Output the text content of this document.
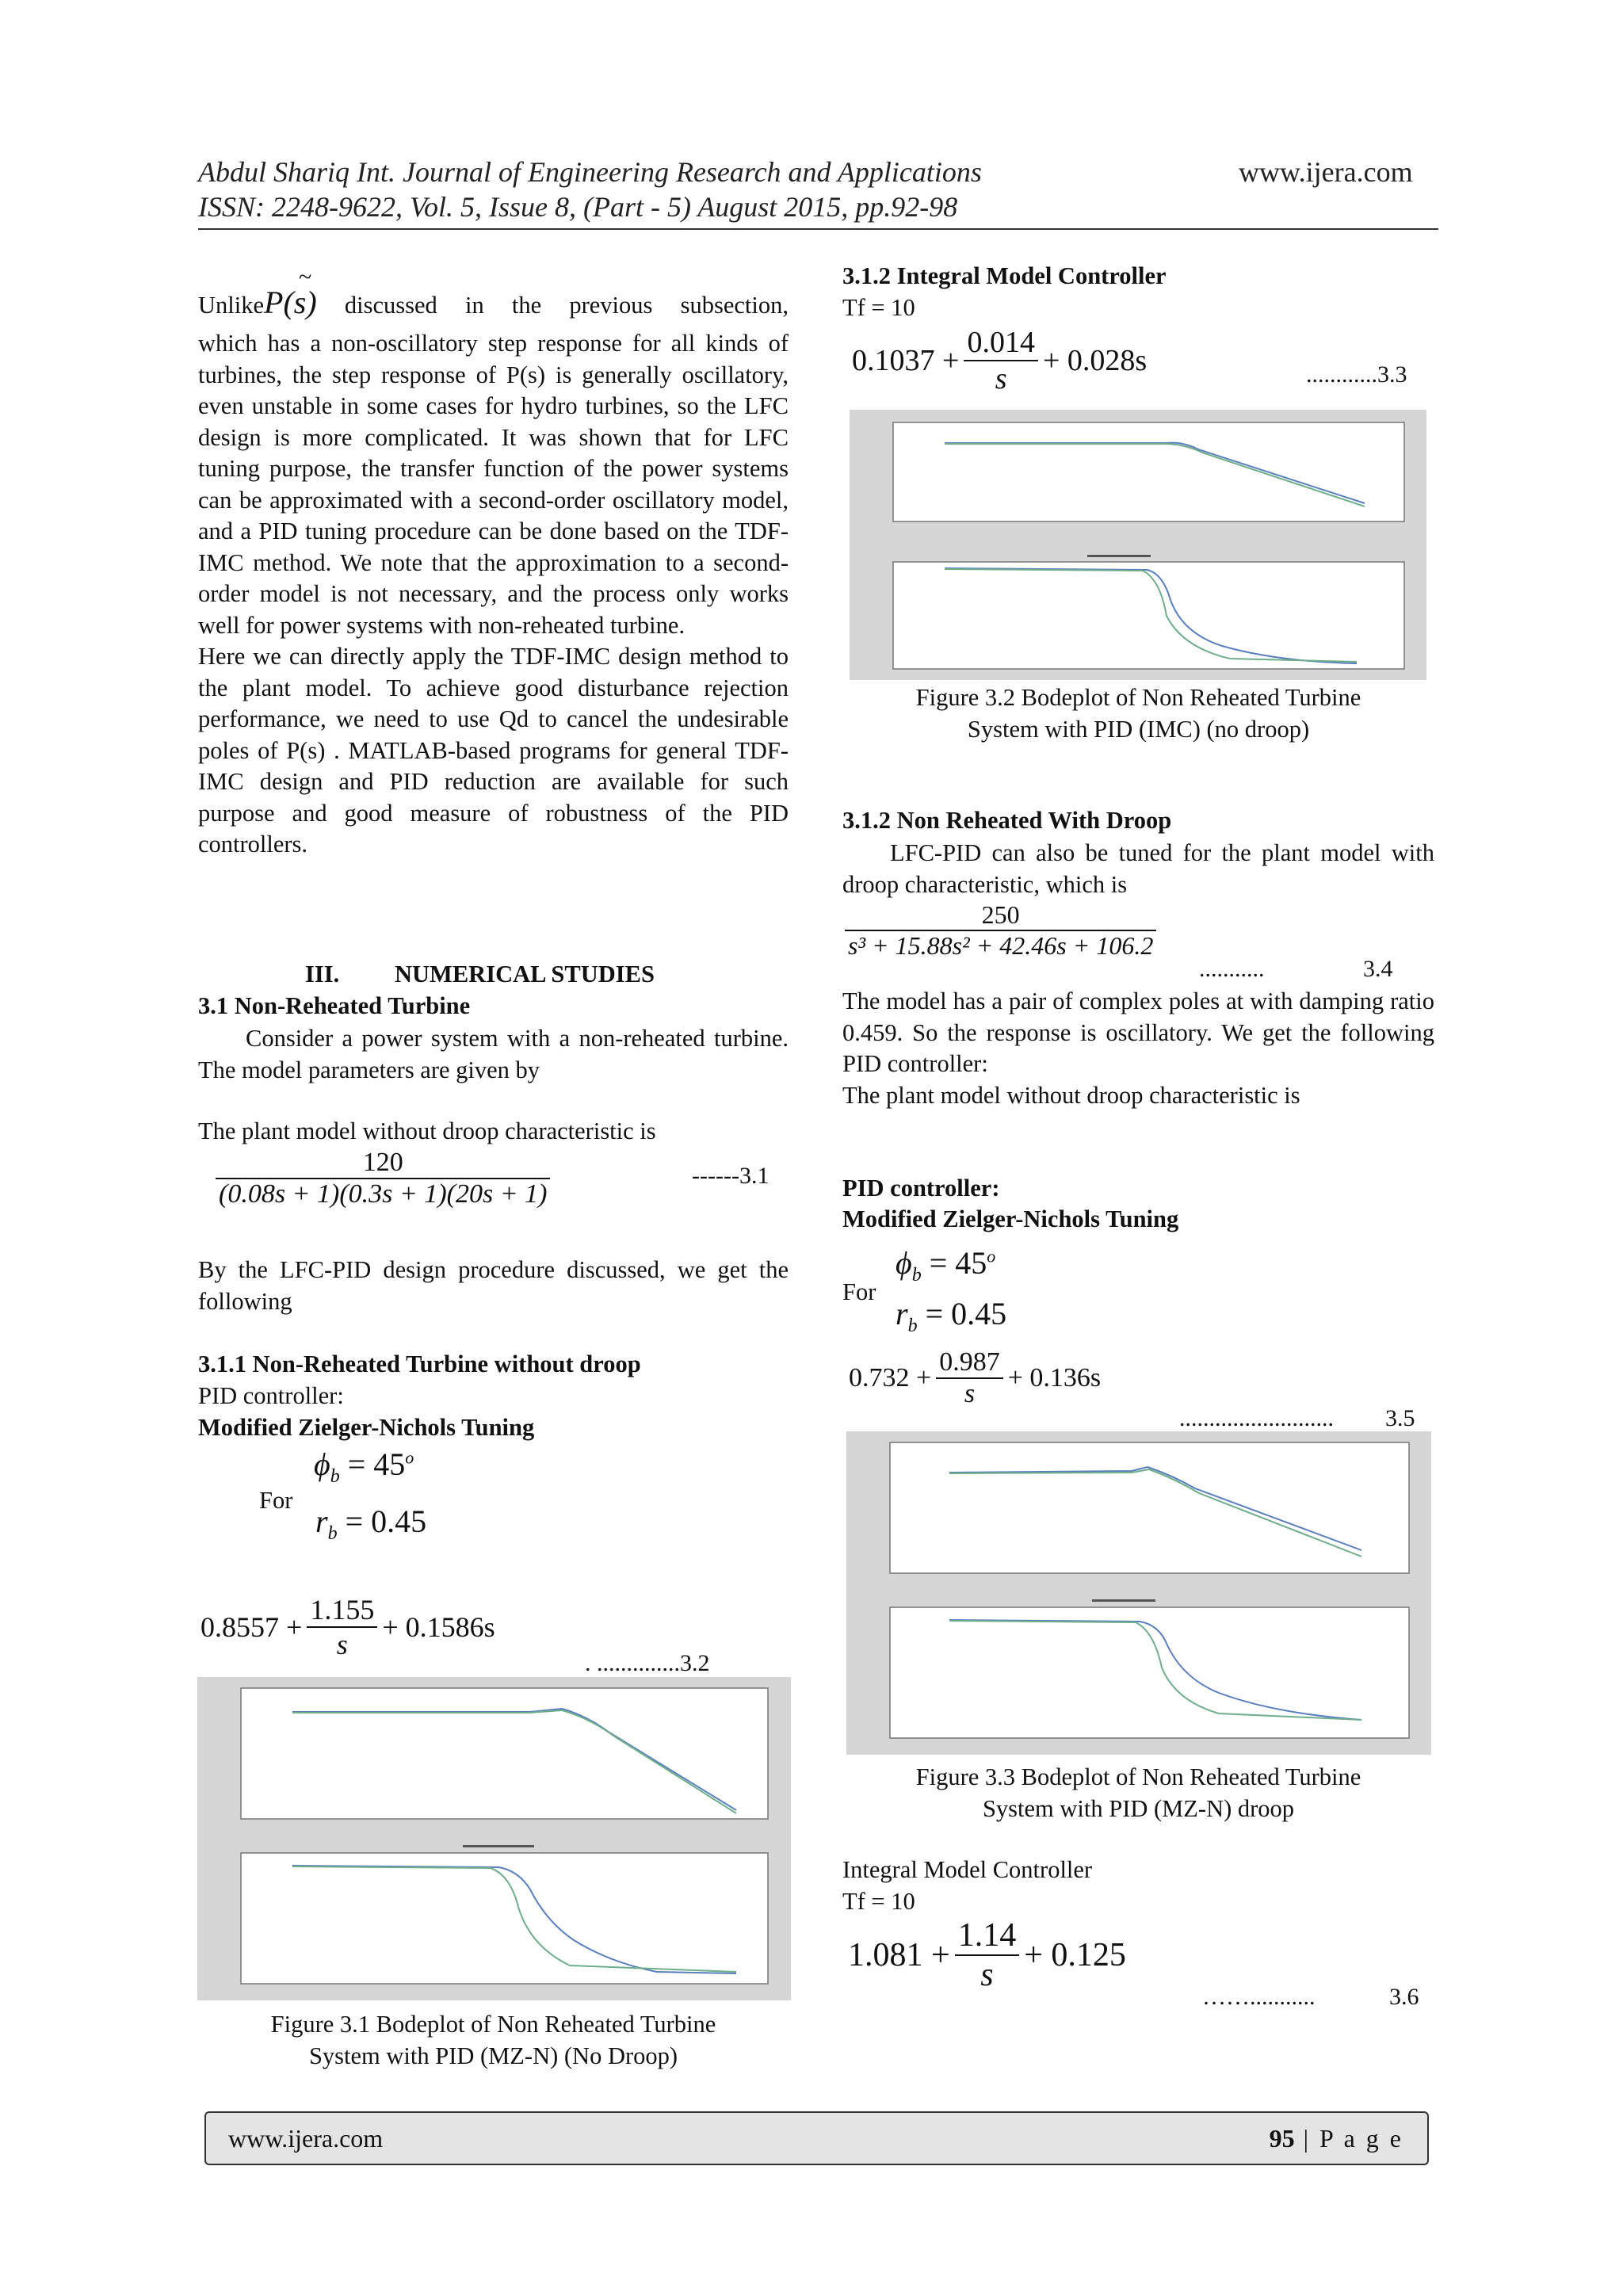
Abdul Shariq Int. Journal of Engineering Research and Applications	www.ijera.com
ISSN: 2248-9622, Vol. 5, Issue 8, (Part - 5) August 2015, pp.92-98
~

UnlikeP(s) discussed in the previous subsection,

which has a non-oscillatory step response for all kinds of turbines, the step response of P(s) is generally oscillatory, even unstable in some cases for hydro turbines, so the LFC design is more complicated. It was shown that for LFC tuning purpose, the transfer function of the power systems can be approximated with a second-order oscillatory model, and a PID tuning procedure can be done based on the TDF-IMC method. We note that the approximation to a second-order model is not necessary, and the process only works well for power systems with non-reheated turbine.

Here we can directly apply the TDF-IMC design method to the plant model. To achieve good disturbance rejection performance, we need to use Qd to cancel the undesirable poles of P(s) . MATLAB-based programs for general TDF-IMC design and PID reduction are available for such purpose and good measure of robustness of the PID controllers.

III. NUMERICAL STUDIES
3.1 Non-Reheated Turbine

Consider a power system with a non-reheated turbine. The model parameters are given by

The plant model without droop characteristic is
$\frac{120}{(0.08s + 1)(0.3s + 1)(20s + 1)}$	------3.1

By the LFC-PID design procedure discussed, we get the following

3.1.1 Non-Reheated Turbine without droop
PID controller:
Modified Zielger-Nichols Tuning
$\phi_b = 45^o$
For
$r_b = 0.45$
$0.8557 + \frac{1.155}{s} + 0.1586s$
. ..............3.2
Figure 3.1 Bodeplot of Non Reheated Turbine
System with PID (MZ-N) (No Droop)
3.1.2 Integral Model Controller
Tf = 10
$0.1037 + \frac{0.014}{s} + 0.028s$	............3.3
Figure 3.2 Bodeplot of Non Reheated Turbine
System with PID (IMC) (no droop)
3.1.2 Non Reheated With Droop

LFC-PID can also be tuned for the plant model with droop characteristic, which is

$\frac{250}{\text{s³ + 15.88s² + 42.46s + 106.2}}$
...........	3.4

The model has a pair of complex poles at with damping ratio 0.459. So the response is oscillatory. We get the following PID controller:

The plant model without droop characteristic is

PID controller:
Modified Zielger-Nichols Tuning
$\phi_b = 45^o$
For
$r_b = 0.45$
$0.732 + \frac{0.987}{s} + 0.136s$
.......................... 3.5
Figure 3.3 Bodeplot of Non Reheated Turbine
System with PID (MZ-N) droop
Integral Model Controller
Tf = 10
$1.081 + \frac{1.14}{s} + 0.125$
……...........	3.6
www.ijera.com	95 | P a g e
